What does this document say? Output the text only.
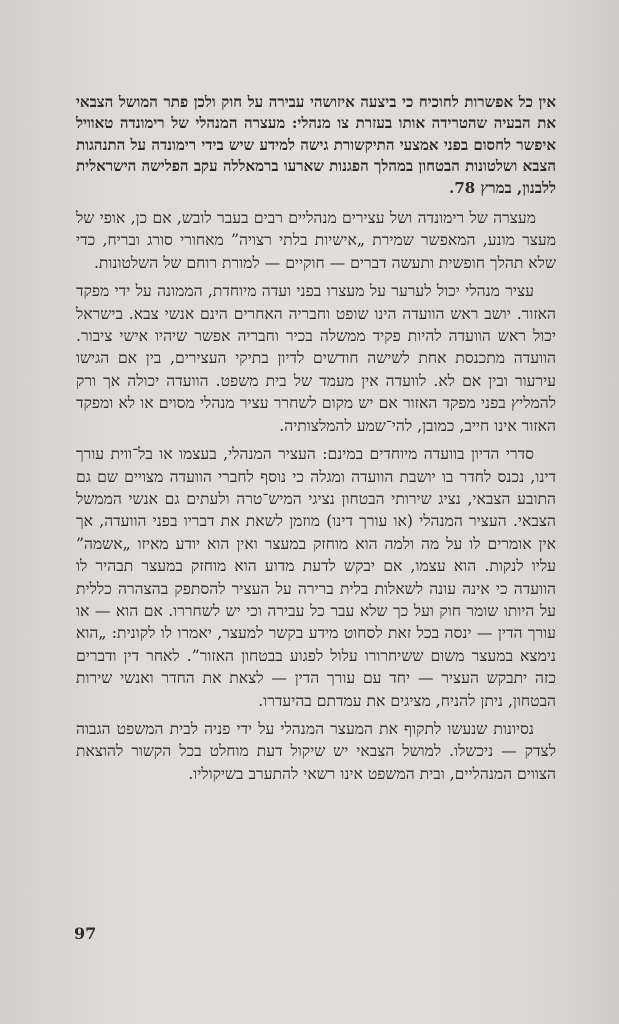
אין כל אפשרות לחוכיח כי ביצעה איזושהי עבירה על חוק ולכן פתר המושל הצבאי את הבעיה שהטרידה אותו בעזרת צו מנהלי: מעצרה המנהלי של רימונדה טאוויל איפשר לחסום בפני אמצעי התיקשורת גישה למידע שיש בידי רימונדה על התנהגות הצבא ושלטונות הבטחון במהלך הפגנות שארעו ברמאללה עקב הפלישה הישראלית ללבנון, במרץ 78.

מעצרה של רימונדה ושל עצירים מנהליים רבים בעבר לובש, אם כן, אופי של מעצר מונע, המאפשר שמירת „אישיות בלתי רצויה” מאחורי סורג ובריח, כדי שלא תהלך חופשית ותעשה דברים — חוקיים — למורת רוחם של השלטונות.

עציר מנהלי יכול לערער על מעצרו בפני ועדה מיוחדת, הממונה על ידי מפקד האזור. יושב ראש הוועדה הינו שופט וחבריה האחרים הינם אנשי צבא. בישראל יכול ראש הוועדה להיות פקיד ממשלה בכיר וחבריה אפשר שיהיו אישי ציבור. הוועדה מתכנסת אחת לשישה חודשים לדיון בתיקי העצירים, בין אם הגישו עירעור ובין אם לא. לוועדה אין מעמד של בית משפט. הוועדה יכולה אך ורק להמליץ בפני מפקד האזור אם יש מקום לשחרר עציר מנהלי מסוים או לא ומפקד האזור אינו חייב, כמובן, להי־שמע להמלצותיה.

סדרי הדיון בוועדה מיוחדים במינם: העציר המנהלי, בעצמו או בל־ווית עורך דינו, נכנס לחדר בו יושבת הוועדה ומגלה כי נוסף לחברי הוועדה מצויים שם גם התובע הצבאי, נציג שירותי הבטחון נציגי המיש־טרה ולעתים גם אנשי הממשל הצבאי. העציר המנהלי (או עורך דינו) מוזמן לשאת את דבריו בפני הוועדה, אך אין אומרים לו על מה ולמה הוא מוחזק במעצר ואין הוא יודע מאיזו „אשמה” עליו לנקות. הוא עצמו, אם יבקש לדעת מדוע הוא מוחזק במעצר תבהיר לו הוועדה כי אינה עונה לשאלות בלית ברירה על העציר להסתפק בהצהרה כללית על היותו שומר חוק ועל כך שלא עבר כל עבירה וכי יש לשחררו. אם הוא — או עורך הדין — ינסה בכל זאת לסחוט מידע בקשר למעצר, יאמרו לו לקונית: „הוא נימצא במעצר משום ששיחרורו עלול לפגוע בבטחון האזור”. לאחר דין ודברים כזה יתבקש העציר — יחד עם עורך הדין — לצאת את החדר ואנשי שירות הבטחון, ניתן להניח, מציגים את עמדתם בהיעדרו.

נסיונות שנעשו לתקוף את המעצר המנהלי על ידי פניה לבית המשפט הגבוה לצדק — ניכשלו. למושל הצבאי יש שיקול דעת מוחלט בכל הקשור להוצאת הצווים המנהליים, ובית המשפט אינו רשאי להתערב בשיקוליו.

97
